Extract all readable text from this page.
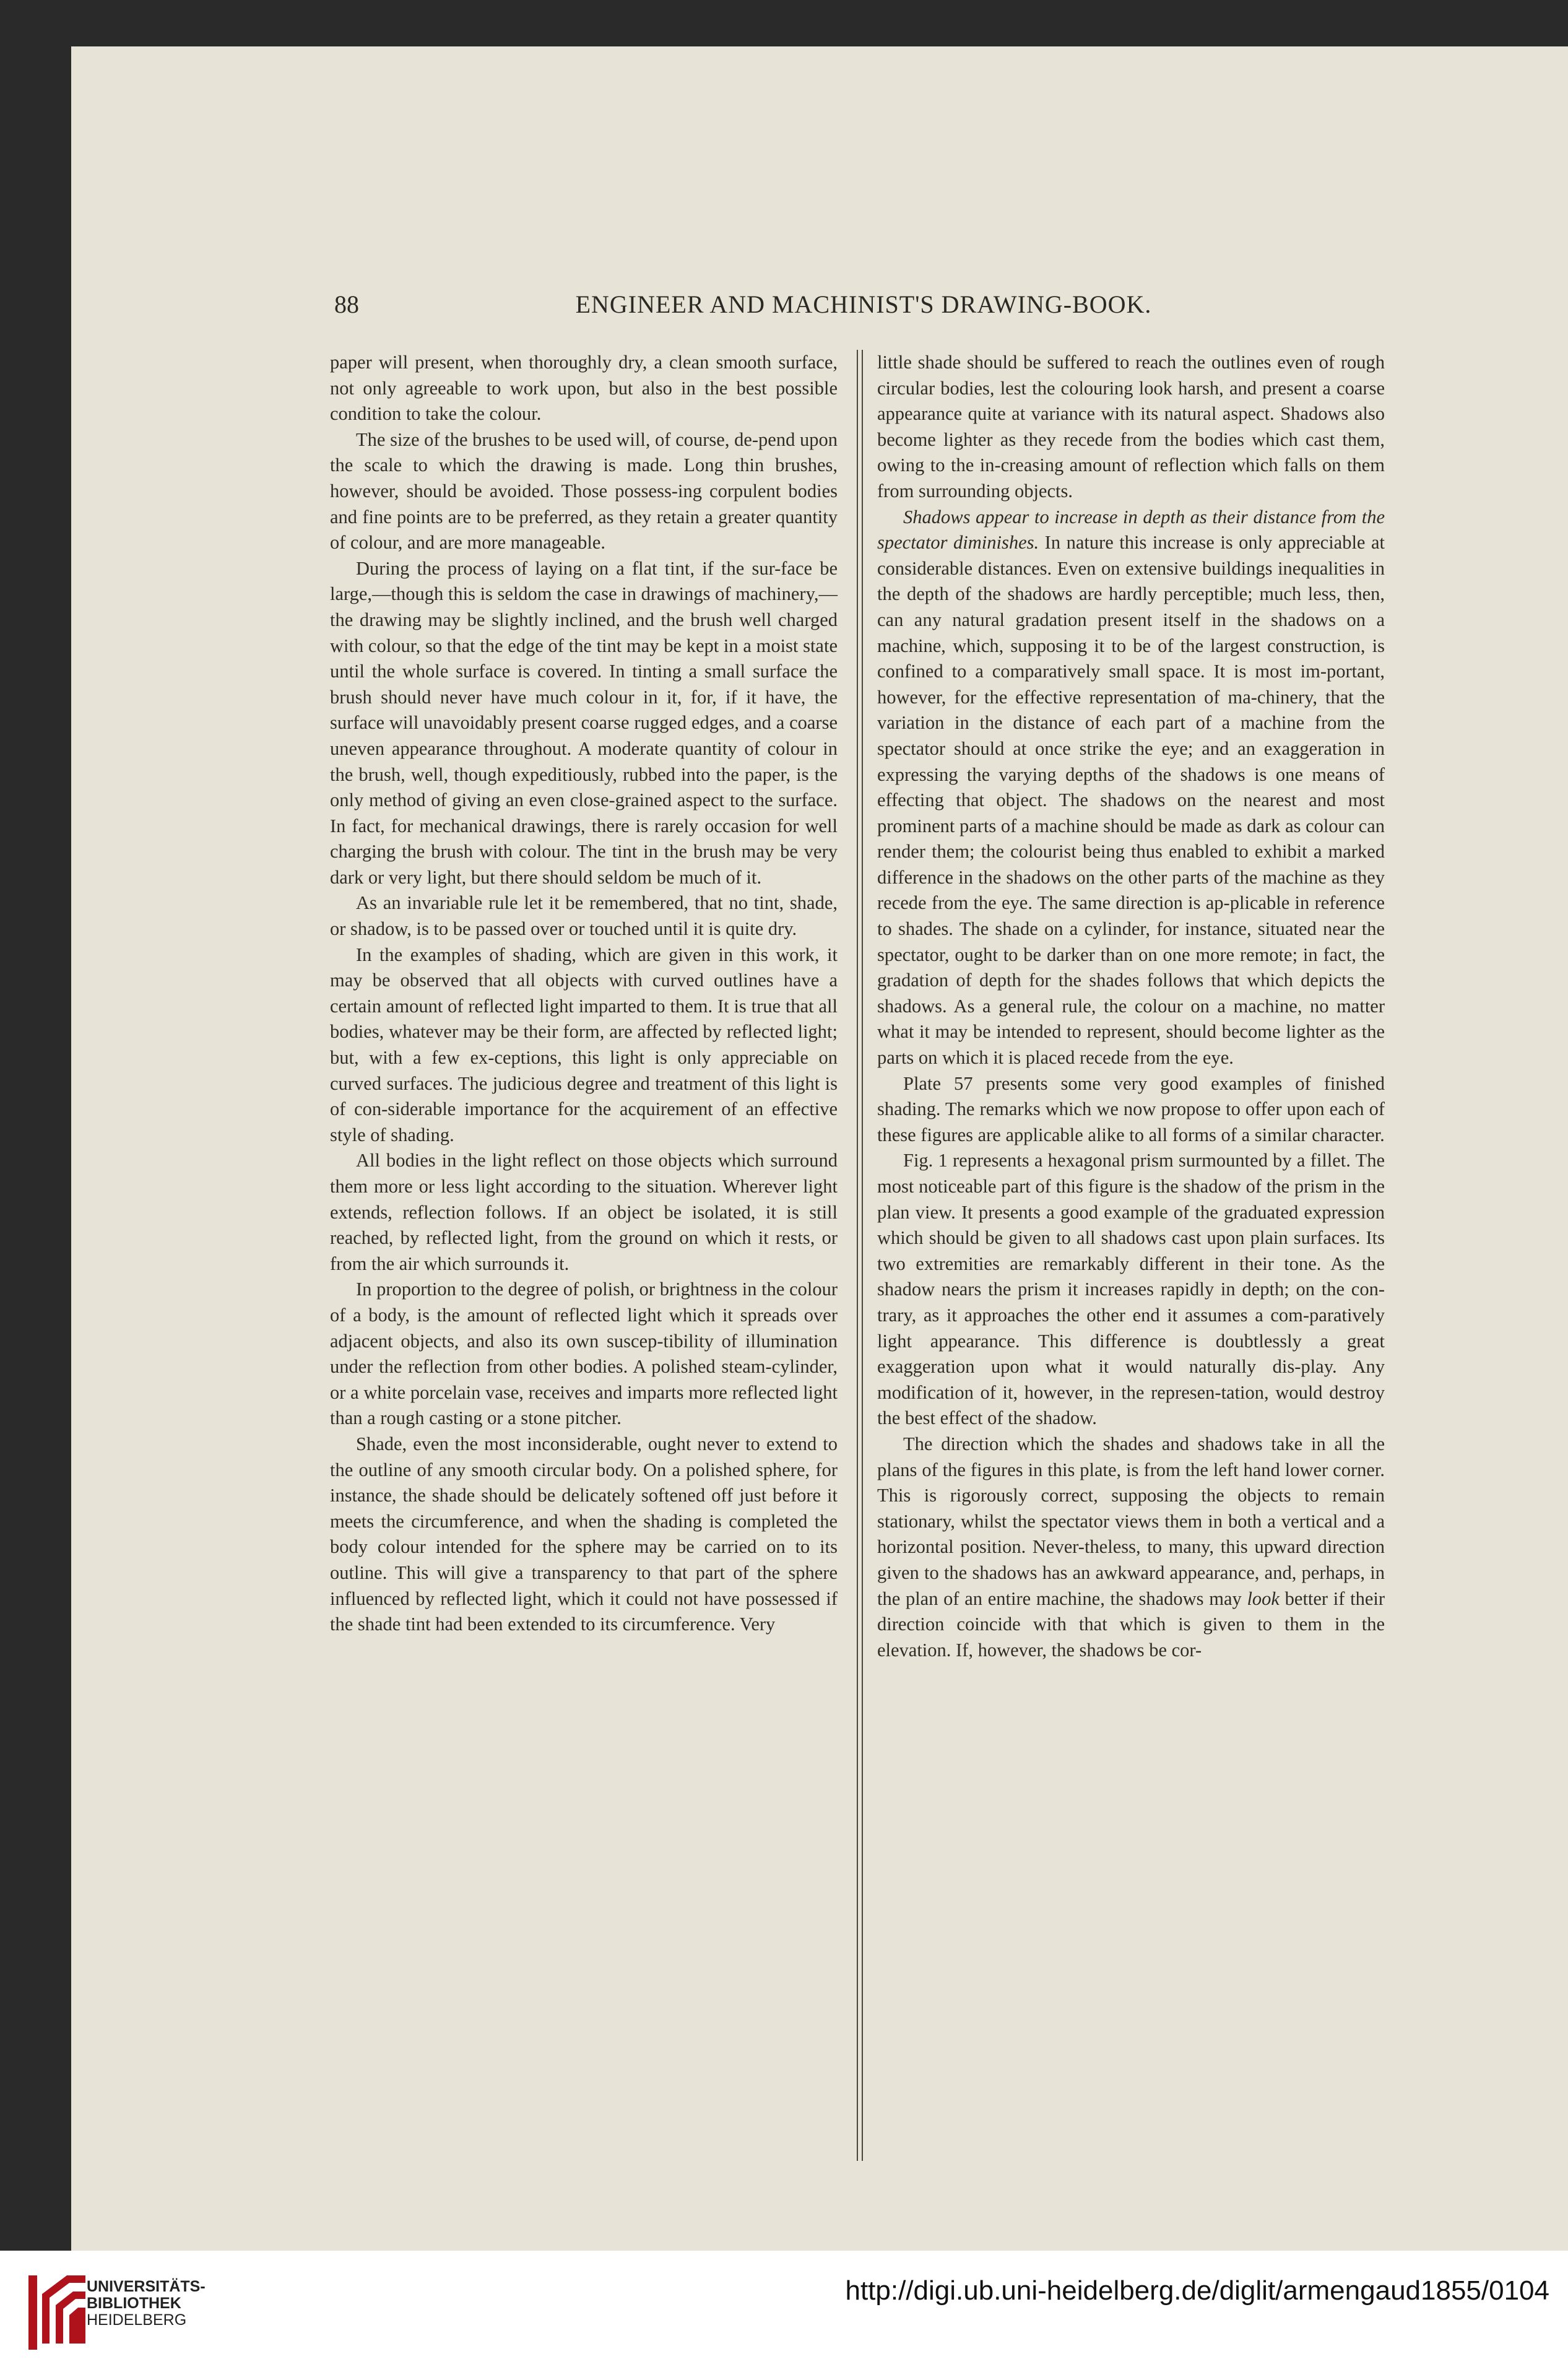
88	ENGINEER AND MACHINIST'S DRAWING-BOOK.

paper will present, when thoroughly dry, a clean smooth surface, not only agreeable to work upon, but also in the best possible condition to take the colour.

The size of the brushes to be used will, of course, de-pend upon the scale to which the drawing is made. Long thin brushes, however, should be avoided. Those possess-ing corpulent bodies and fine points are to be preferred, as they retain a greater quantity of colour, and are more manageable.

During the process of laying on a flat tint, if the sur-face be large,—though this is seldom the case in drawings of machinery,—the drawing may be slightly inclined, and the brush well charged with colour, so that the edge of the tint may be kept in a moist state until the whole surface is covered. In tinting a small surface the brush should never have much colour in it, for, if it have, the surface will unavoidably present coarse rugged edges, and a coarse uneven appearance throughout. A moderate quantity of colour in the brush, well, though expeditiously, rubbed into the paper, is the only method of giving an even close-grained aspect to the surface. In fact, for mechanical drawings, there is rarely occasion for well charging the brush with colour. The tint in the brush may be very dark or very light, but there should seldom be much of it.

As an invariable rule let it be remembered, that no tint, shade, or shadow, is to be passed over or touched until it is quite dry.

In the examples of shading, which are given in this work, it may be observed that all objects with curved outlines have a certain amount of reflected light imparted to them. It is true that all bodies, whatever may be their form, are affected by reflected light; but, with a few ex-ceptions, this light is only appreciable on curved surfaces. The judicious degree and treatment of this light is of con-siderable importance for the acquirement of an effective style of shading.

All bodies in the light reflect on those objects which surround them more or less light according to the situation. Wherever light extends, reflection follows. If an object be isolated, it is still reached, by reflected light, from the ground on which it rests, or from the air which surrounds it.

In proportion to the degree of polish, or brightness in the colour of a body, is the amount of reflected light which it spreads over adjacent objects, and also its own suscep-tibility of illumination under the reflection from other bodies. A polished steam-cylinder, or a white porcelain vase, receives and imparts more reflected light than a rough casting or a stone pitcher.

Shade, even the most inconsiderable, ought never to extend to the outline of any smooth circular body. On a polished sphere, for instance, the shade should be delicately softened off just before it meets the circumference, and when the shading is completed the body colour intended for the sphere may be carried on to its outline. This will give a transparency to that part of the sphere influenced by reflected light, which it could not have possessed if the shade tint had been extended to its circumference. Very

little shade should be suffered to reach the outlines even of rough circular bodies, lest the colouring look harsh, and present a coarse appearance quite at variance with its natural aspect. Shadows also become lighter as they recede from the bodies which cast them, owing to the in-creasing amount of reflection which falls on them from surrounding objects.

Shadows appear to increase in depth as their distance from the spectator diminishes. In nature this increase is only appreciable at considerable distances. Even on extensive buildings inequalities in the depth of the shadows are hardly perceptible; much less, then, can any natural gradation present itself in the shadows on a machine, which, supposing it to be of the largest construction, is confined to a comparatively small space. It is most im-portant, however, for the effective representation of ma-chinery, that the variation in the distance of each part of a machine from the spectator should at once strike the eye; and an exaggeration in expressing the varying depths of the shadows is one means of effecting that object. The shadows on the nearest and most prominent parts of a machine should be made as dark as colour can render them; the colourist being thus enabled to exhibit a marked difference in the shadows on the other parts of the machine as they recede from the eye. The same direction is ap-plicable in reference to shades. The shade on a cylinder, for instance, situated near the spectator, ought to be darker than on one more remote; in fact, the gradation of depth for the shades follows that which depicts the shadows. As a general rule, the colour on a machine, no matter what it may be intended to represent, should become lighter as the parts on which it is placed recede from the eye.

Plate 57 presents some very good examples of finished shading. The remarks which we now propose to offer upon each of these figures are applicable alike to all forms of a similar character.

Fig. 1 represents a hexagonal prism surmounted by a fillet. The most noticeable part of this figure is the shadow of the prism in the plan view. It presents a good example of the graduated expression which should be given to all shadows cast upon plain surfaces. Its two extremities are remarkably different in their tone. As the shadow nears the prism it increases rapidly in depth; on the con-trary, as it approaches the other end it assumes a com-paratively light appearance. This difference is doubtlessly a great exaggeration upon what it would naturally dis-play. Any modification of it, however, in the represen-tation, would destroy the best effect of the shadow.

The direction which the shades and shadows take in all the plans of the figures in this plate, is from the left hand lower corner. This is rigorously correct, supposing the objects to remain stationary, whilst the spectator views them in both a vertical and a horizontal position. Never-theless, to many, this upward direction given to the shadows has an awkward appearance, and, perhaps, in the plan of an entire machine, the shadows may look better if their direction coincide with that which is given to them in the elevation. If, however, the shadows be cor-

UNIVERSITÄTS-
BIBLIOTHEK
HEIDELBERG
http://digi.ub.uni-heidelberg.de/diglit/armengaud1855/0104
